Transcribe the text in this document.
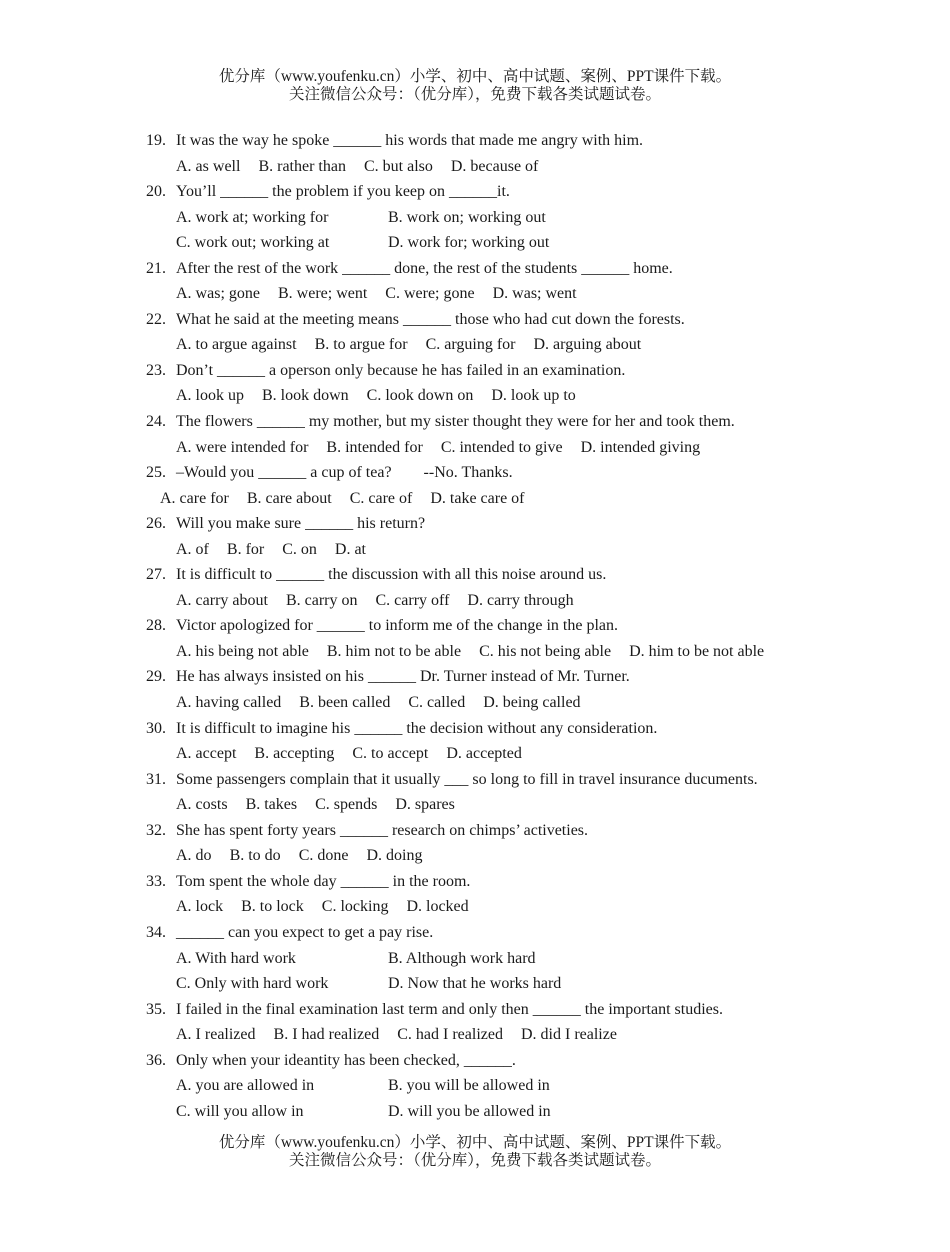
优分库（www.youfenku.cn）小学、初中、高中试题、案例、PPT课件下载。
关注微信公众号：（优分库），免费下载各类试题试卷。
19. It was the way he spoke ______ his words that made me angry with him.
A. as well B. rather than C. but also D. because of
20. You’ll ______ the problem if you keep on ______it.
A. work at; working for	B. work on; working out
C. work out; working at	D. work for; working out
21. After the rest of the work ______ done, the rest of the students ______ home.
A. was; gone B. were; went C. were; gone D. was; went
22. What he said at the meeting means ______ those who had cut down the forests.
A. to argue against B. to argue for C. arguing for D. arguing about
23. Don’t ______ a operson only because he has failed in an examination.
A. look up B. look down C. look down on D. look up to
24. The flowers ______ my mother, but my sister thought they were for her and took them.
A. were intended for B. intended for C. intended to give D. intended giving
25. –Would you ______ a cup of tea?        --No. Thanks.
A. care for B. care about C. care of D. take care of
26. Will you make sure ______ his return?
A. of B. for C. on D. at
27. It is difficult to ______ the discussion with all this noise around us.
A. carry about B. carry on C. carry off D. carry through
28. Victor apologized for ______ to inform me of the change in the plan.
A. his being not able B. him not to be able C. his not being able D. him to be not able
29. He has always insisted on his ______ Dr. Turner instead of Mr. Turner.
A. having called B. been called C. called D. being called
30. It is difficult to imagine his ______ the decision without any consideration.
A. accept B. accepting C. to accept D. accepted
31. Some passengers complain that it usually ___ so long to fill in travel insurance ducuments.
A. costs B. takes C. spends D. spares
32. She has spent forty years ______ research on chimps’ activeties.
A. do B. to do C. done D. doing
33. Tom spent the whole day ______ in the room.
A. lock B. to lock C. locking D. locked
34. ______ can you expect to get a pay rise.
A. With hard work	B. Although work hard
C. Only with hard work	D. Now that he works hard
35. I failed in the final examination last term and only then ______ the important studies.
A. I realized B. I had realized C. had I realized D. did I realize
36. Only when your ideantity has been checked, ______.
A. you are allowed in	B. you will be allowed in
C. will you allow in	D. will you be allowed in
优分库（www.youfenku.cn）小学、初中、高中试题、案例、PPT课件下载。
关注微信公众号：（优分库），免费下载各类试题试卷。
